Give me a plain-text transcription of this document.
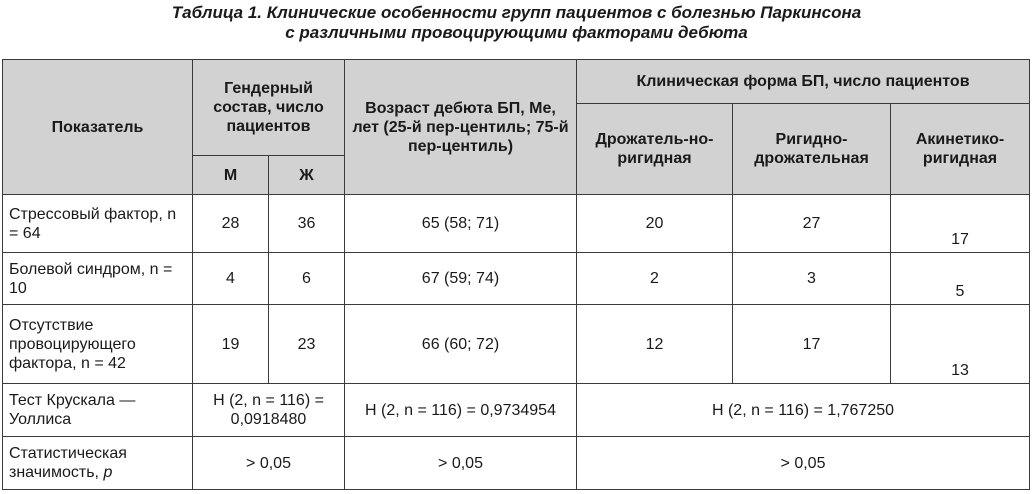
Таблица 1. Клинические особенности групп пациентов с болезнью Паркинсона
с различными провоцирующими факторами дебюта
Показатель	Гендерный состав, число пациентов		Возраст дебюта БП, Ме, лет (25-й пер-центиль; 75-й пер-центиль)	Клиническая форма БП, число пациентов		
				Дрожатель-но-ригидная	Ригидно-дрожательная	Акинетико-ригидная
	М	Ж				
Стрессовый фактор, n = 64	28	36	65 (58; 71)	20	27	17
Болевой синдром, n = 10	4	6	67 (59; 74)	2	3	5
Отсутствие провоцирующего фактора, n = 42	19	23	66 (60; 72)	12	17	13
Тест Крускала — Уоллиса	H (2, n = 116) = 0,0918480		H (2, n = 116) = 0,9734954	H (2, n = 116) = 1,767250		
Статистическая значимость, p	> 0,05		> 0,05	> 0,05		
